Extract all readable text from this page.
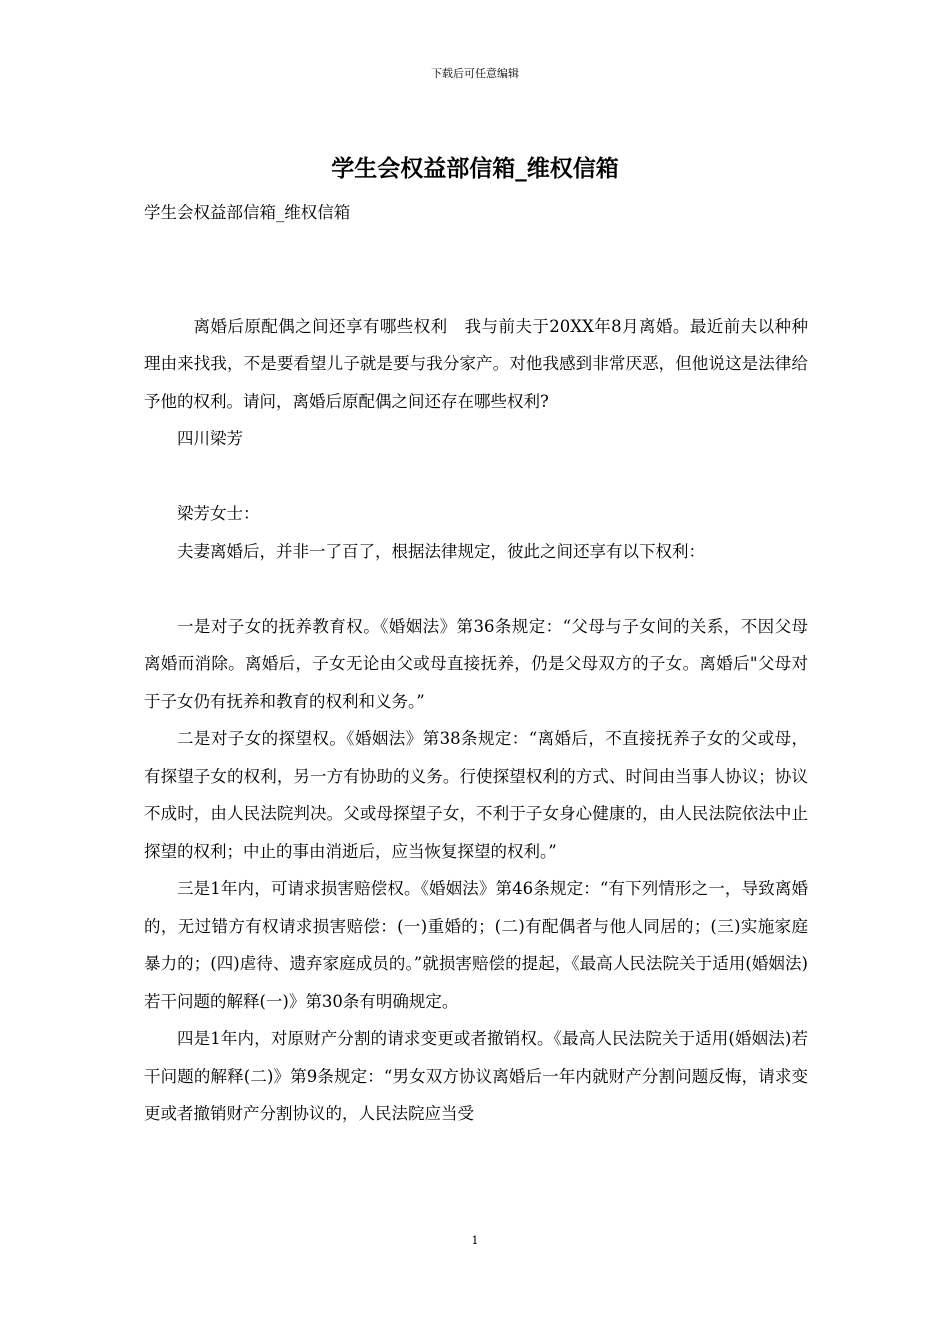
下载后可任意编辑
学生会权益部信箱_维权信箱

学生会权益部信箱_维权信箱

离婚后原配偶之间还享有哪些权利　我与前夫于20XX年8月离婚。最近前夫以种种理由来找我，不是要看望儿子就是要与我分家产。对他我感到非常厌恶，但他说这是法律给予他的权利。请问，离婚后原配偶之间还存在哪些权利?

四川梁芳

梁芳女士：

夫妻离婚后，并非一了百了，根据法律规定，彼此之间还享有以下权利：

一是对子女的抚养教育权。《婚姻法》第36条规定：“父母与子女间的关系，不因父母离婚而消除。离婚后，子女无论由父或母直接抚养，仍是父母双方的子女。离婚后"父母对于子女仍有抚养和教育的权利和义务。”

二是对子女的探望权。《婚姻法》第38条规定：“离婚后，不直接抚养子女的父或母，有探望子女的权利，另一方有协助的义务。行使探望权利的方式、时间由当事人协议；协议不成时，由人民法院判决。父或母探望子女，不利于子女身心健康的，由人民法院依法中止探望的权利；中止的事由消逝后，应当恢复探望的权利。”

三是1年内，可请求损害赔偿权。《婚姻法》第46条规定：“有下列情形之一，导致离婚的，无过错方有权请求损害赔偿：(一)重婚的；(二)有配偶者与他人同居的；(三)实施家庭暴力的；(四)虐待、遗弃家庭成员的。”就损害赔偿的提起，《最高人民法院关于适用(婚姻法)若干问题的解释(一)》第30条有明确规定。

四是1年内，对原财产分割的请求变更或者撤销权。《最高人民法院关于适用(婚姻法)若干问题的解释(二)》第9条规定：“男女双方协议离婚后一年内就财产分割问题反悔，请求变更或者撤销财产分割协议的，人民法院应当受

1
